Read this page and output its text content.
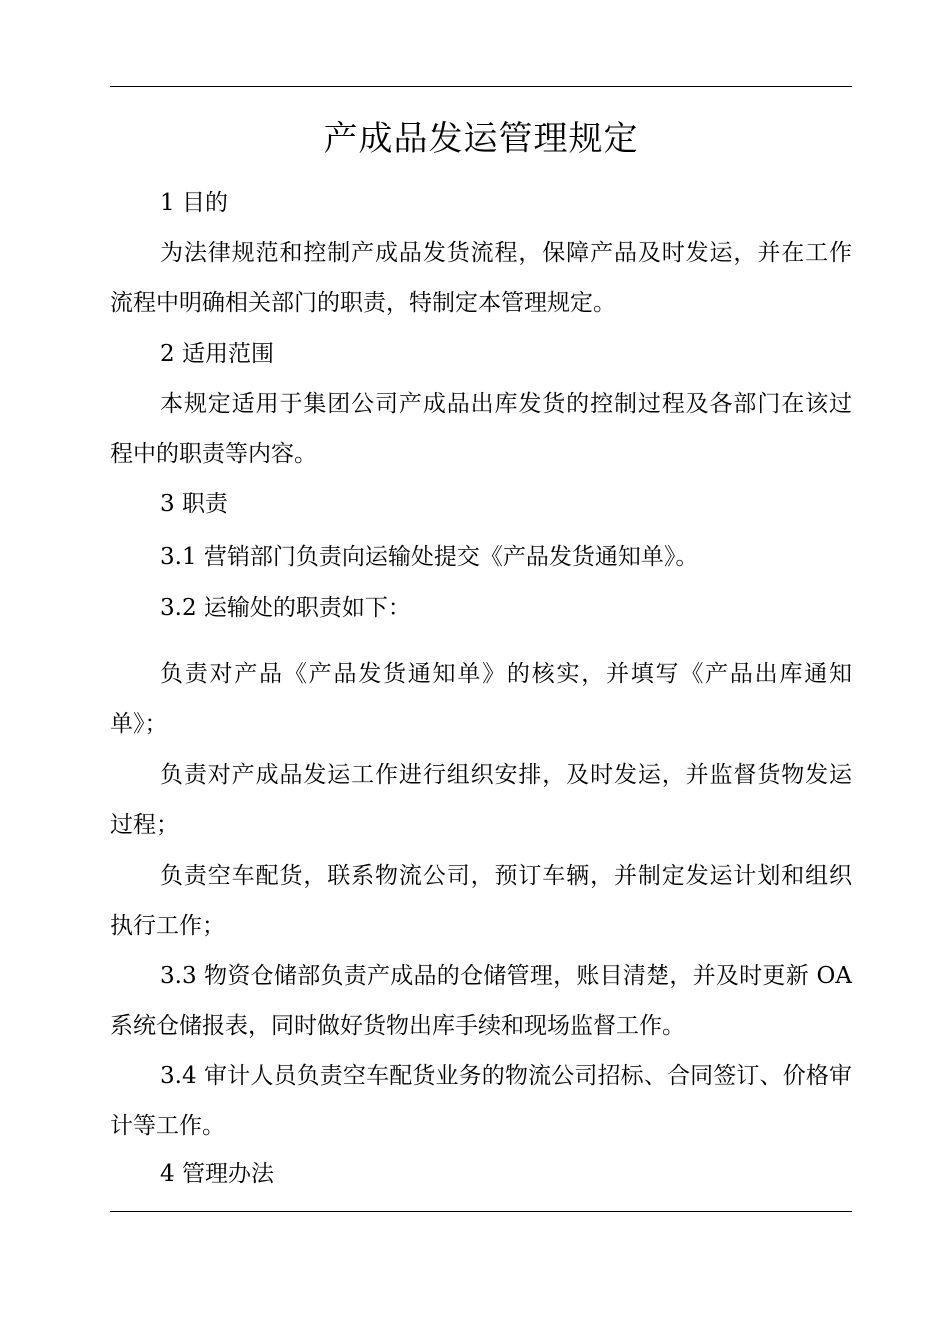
产成品发运管理规定
1 目的
为法律规范和控制产成品发货流程，保障产品及时发运，并在工作
流程中明确相关部门的职责，特制定本管理规定。
2 适用范围
本规定适用于集团公司产成品出库发货的控制过程及各部门在该过
程中的职责等内容。
3 职责
3.1 营销部门负责向运输处提交《产品发货通知单》。
3.2 运输处的职责如下：
负责对产品《产品发货通知单》的核实，并填写《产品出库通知
单》；
负责对产成品发运工作进行组织安排，及时发运，并监督货物发运
过程；
负责空车配货，联系物流公司，预订车辆，并制定发运计划和组织
执行工作；
3.3 物资仓储部负责产成品的仓储管理，账目清楚，并及时更新 OA
系统仓储报表，同时做好货物出库手续和现场监督工作。
3.4 审计人员负责空车配货业务的物流公司招标、合同签订、价格审
计等工作。
4 管理办法
